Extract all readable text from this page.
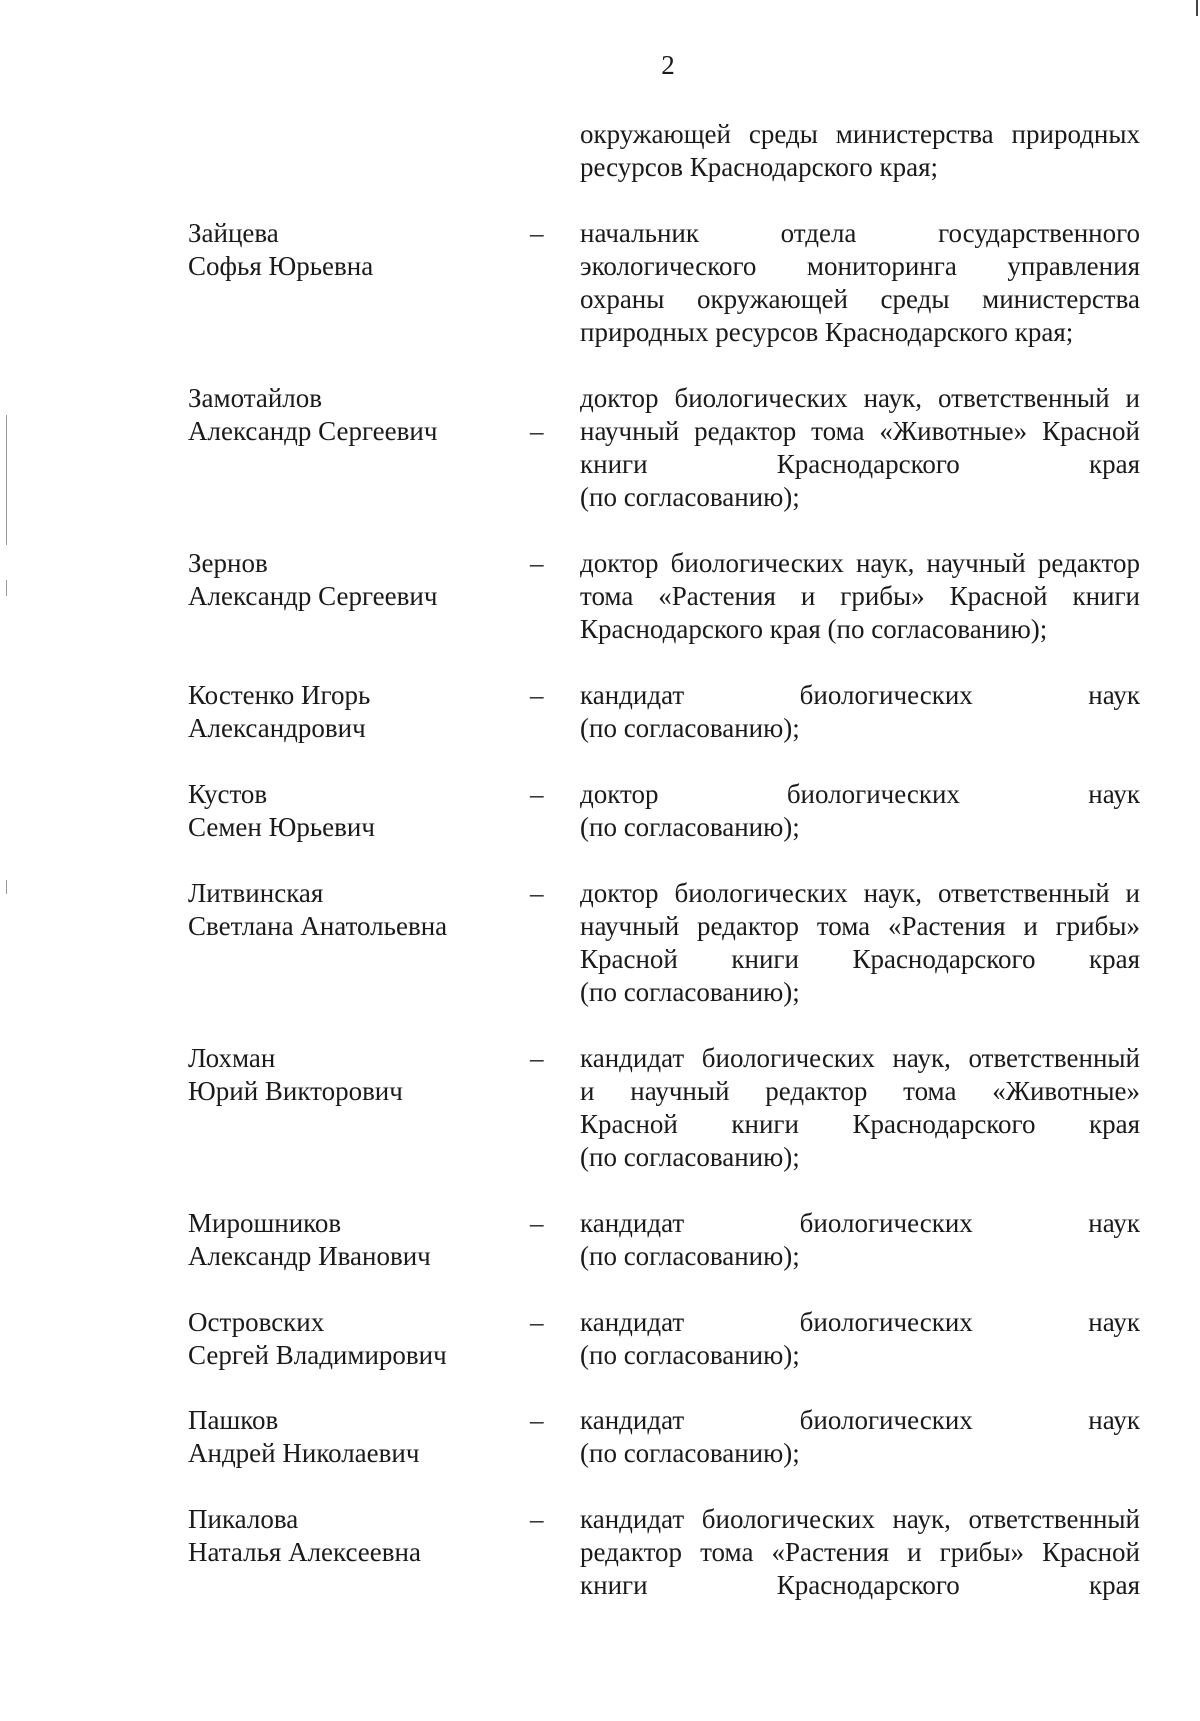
2
окружающей среды министерства природных
ресурсов Краснодарского края;
Зайцева
Софья Юрьевна
– начальник отдела государственного
экологического мониторинга управления
охраны окружающей среды министерства
природных ресурсов Краснодарского края;
Замотайлов
Александр Сергеевич	–
доктор биологических наук, ответственный и
научный редактор тома «Животные» Красной
книги Краснодарского края
(по согласованию);
Зернов
Александр Сергеевич
– доктор биологических наук, научный редактор
тома «Растения и грибы» Красной книги
Краснодарского края (по согласованию);
Костенко Игорь
Александрович
– кандидат биологических наук
(по согласованию);
Кустов
Семен Юрьевич
– доктор биологических наук
(по согласованию);
Литвинская
Светлана Анатольевна
– доктор биологических наук, ответственный и
научный редактор тома «Растения и грибы»
Красной книги Краснодарского края
(по согласованию);
Лохман
Юрий Викторович
– кандидат биологических наук, ответственный
и научный редактор тома «Животные»
Красной книги Краснодарского края
(по согласованию);
Мирошников
Александр Иванович
– кандидат биологических наук
(по согласованию);
Островских
Сергей Владимирович
– кандидат биологических наук
(по согласованию);
Пашков
Андрей Николаевич
– кандидат биологических наук
(по согласованию);
Пикалова
Наталья Алексеевна
– кандидат биологических наук, ответственный
редактор тома «Растения и грибы» Красной
книги Краснодарского края
